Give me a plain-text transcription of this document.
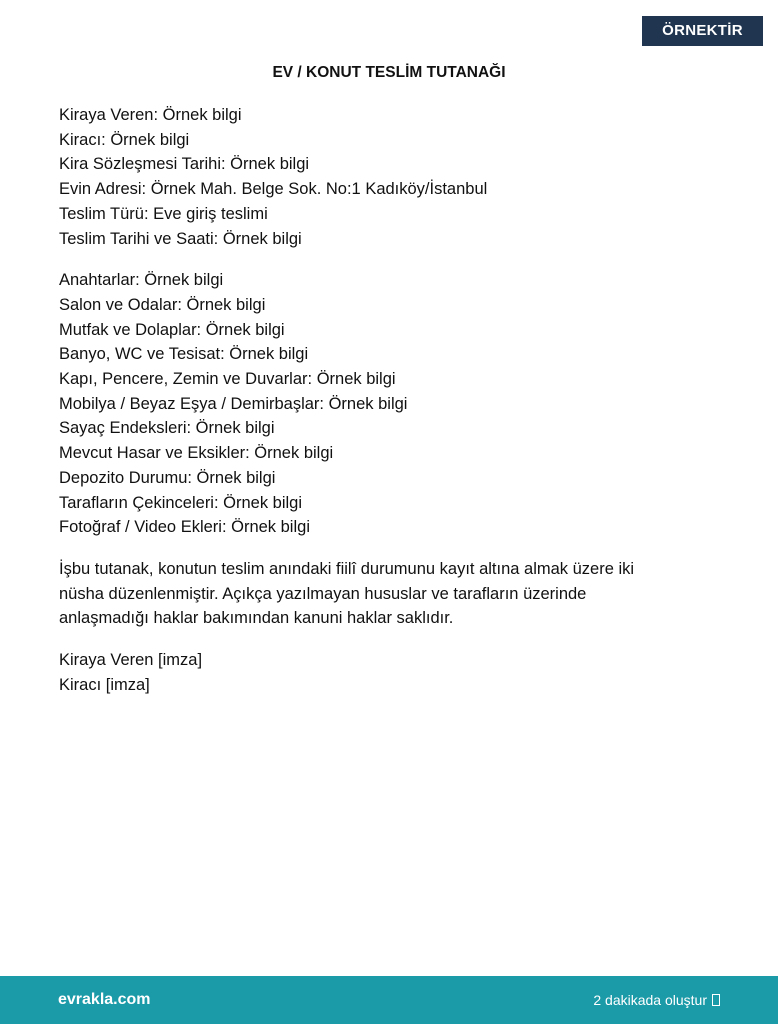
ÖRNEKTİR
EV / KONUT TESLİM TUTANAĞI
Kiraya Veren: Örnek bilgi
Kiracı: Örnek bilgi
Kira Sözleşmesi Tarihi: Örnek bilgi
Evin Adresi: Örnek Mah. Belge Sok. No:1 Kadıköy/İstanbul
Teslim Türü: Eve giriş teslimi
Teslim Tarihi ve Saati: Örnek bilgi
Anahtarlar: Örnek bilgi
Salon ve Odalar: Örnek bilgi
Mutfak ve Dolaplar: Örnek bilgi
Banyo, WC ve Tesisat: Örnek bilgi
Kapı, Pencere, Zemin ve Duvarlar: Örnek bilgi
Mobilya / Beyaz Eşya / Demirbaşlar: Örnek bilgi
Sayaç Endeksleri: Örnek bilgi
Mevcut Hasar ve Eksikler: Örnek bilgi
Depozito Durumu: Örnek bilgi
Tarafların Çekinceleri: Örnek bilgi
Fotoğraf / Video Ekleri: Örnek bilgi
İşbu tutanak, konutun teslim anındaki fiilî durumunu kayıt altına almak üzere iki
nüsha düzenlenmiştir. Açıkça yazılmayan hususlar ve tarafların üzerinde
anlaşmadığı haklar bakımından kanuni haklar saklıdır.
Kiraya Veren [imza]
Kiracı [imza]
evrakla.com	2 dakikada oluştur
